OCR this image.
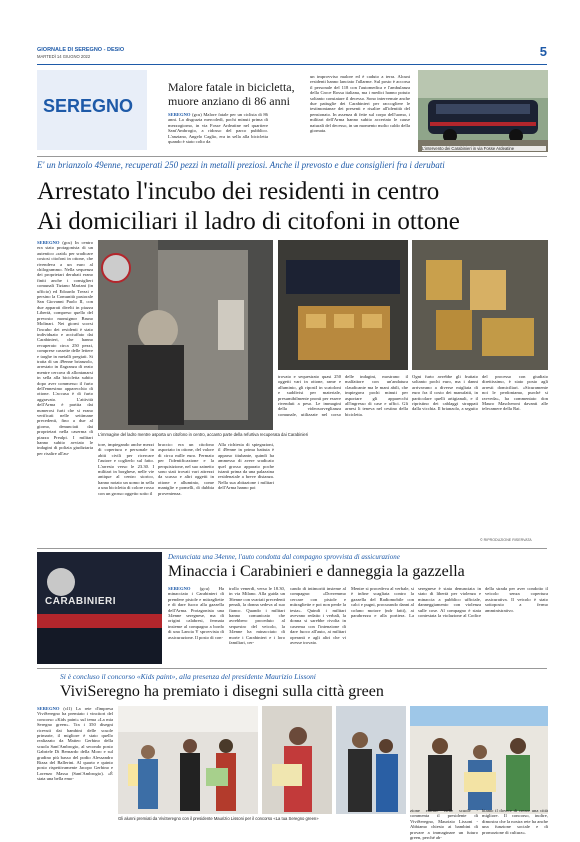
GIORNALE DI SEREGNO - DESIO
MARTEDÌ 14 GIUGNO 2022	5
SEREGNO
Malore fatale in bicicletta, muore anziano di 86 anni
SEREGNO (gcu) Malore fatale per un ciclista di 86 anni. La disgrazia mercoledì, pochi minuti prima di mezzogiorno, in via Fosse Ardeatine nel quartiere Sant'Ambrogio, a ridosso del parco pubblico. L'anziano, Angelo Caglio, era in sella alla bicicletta quando è stato colto da
un improvviso malore ed è caduto a terra. Alcuni residenti hanno lanciato l'allarme. Sul posto è accorsa il personale del 118 con l'automedica e l'ambulanza della Croce Rossa italiana, ma i medici hanno potuto soltanto constatare il decesso. Sono intervenute anche due pattuglie dei Carabinieri per raccogliere le testimonianze dei presenti e risalire all'identità del pensionato. In assenza di fette sul corpo dell'uomo, i militari dell'Arma hanno subito accertato le cause naturali del decesso, in un momento molto caldo della giornata.
L'intervento dei Carabinieri in via Fosse Ardeatine
E' un brianzolo 49enne, recuperati 250 pezzi in metalli preziosi. Anche il prevosto e due consiglieri fra i derubati
Arrestato l'incubo dei residenti in centro
Ai domiciliari il ladro di citofoni in ottone
SEREGNO (gcu) In centro era stato protagonista di un autentico «raid» per sradicare costosi citofoni in ottone, che rivendeva a un euro al chilogrammo. Nella sequenza dei proprietari derubati erano finiti anche i consiglieri comunali Tiziano Mariani (in ufficio) ed Edoardo Trezzi e persino la Comunità pastorale San Giovanni Paolo II, con due apparati divelti in piazza Libertà, compreso quello del prevosto monsignor Bruno Molinari. Nei giorni scorsi l'incubo dei residenti è stato individuato e acciuffato dai Carabinieri, che hanno recuperato circa 250 pezzi, comprese cassette delle lettere e targhe in metalli pregiati. Si tratta di un 49enne brianzolo, arrestato in flagranza di reato mentre cercava di allontanarsi in sella alla bicicletta subito dopo aver commesso il furto dell'ennesimo apparecchio di ottone. L'accusa è di furto aggravato. L'attività dell'Arma è partita dai numerosi furti che si erano verificati nelle settimane precedenti, fino a due al giorno, denunciati dai proprietari nella caserma di piazza Prealpi. I militari hanno subito avviato le indagini di polizia giudiziaria per risalire all'au-
L'immagine del ladro mentre asporta un citofono in centro, accanto parte della refurtiva recuperata dai Carabinieri
tore, impiegando anche mezzi di copertura e personale in abiti civili per ricercare l'autore e coglierlo sul fatto. L'arresto verso le 23.30. I militari in borghese, nelle vie antique al centro storico, hanno notato un uomo in sella a una bicicletta di colore rosso con un grosso oggetto sotto il
braccio: era un citofono asportato in ottone, del valore di circa mille euro. Fermato per l'identificazione e la perquisizione, nel suo zainetto sono stati trovati vari attrezzi da scasso e altri oggetti in ottone e alluminio, come maniglie e pomelli, di dubbia provenienza.
Alla richiesta di spiegazioni, il 49enne in prima battuta è apparso titubante, quindi ha ammesso di avere sradicato quel grosso apparato poche istanti prima da una palazzina residenziale a breve distanza. Nella sua abitazione i militari dell'Arma hanno poi
trovato e sequestrato quasi 250 oggetti vari in ottone, rame e alluminio, gli ripostI in scatoloni e suddivisi per materiale, presumibilmente pronti per essere rivenduti a peso. Le immagini della videosorveglianza comunale, utilizzate nel corso delle indagini, mostrano il malfattore con un'andatura claudicante ma le mani abili, che impiegava pochi minuti per asportare gli apparecchi all'ingresso di case e uffici. Gli arnesi li teneva nel cestino della bicicletta.
Ogni furto avrebbe gli fruttato soltanto pochi euro, ma i danni arrivavano a diverse migliaia di euro fra il costo dei manufatti, in particolare quelli artigianali, e il ripristino dei cablaggi strappati dalla vicchia. Il brianzolo, a seguito del processo con giudizio direttissimo, è stato posto agli arresti domiciliari. «Sicuramente noi le perdoniamo, purché si ravveda», ha commentato don Mauro Mascheroni davanti alle telecamere della Rai.
© RIPRODUZIONE RISERVATA
CARABINIERI
Denunciata una 34enne, l'auto condotta dal compagno sprovvista di assicurazione
Minaccia i Carabinieri e danneggia la gazzella
SEREGNO (gcu) Ha minacciato i Carabinieri di prendere pistole e mitragliette e di dare fuoco alla gazzella dell'Arma. Protagonista una 34enne seregnese, ma di origini calabresi, fermata insieme al compagno a bordo di una Lancia Y sprovvista di assicurazione. Il posto di con-
trollo venerdì, verso le 18.30, in via Milano. Alla guida un 36enne con svariati precedenti penali, la donna sedeva al suo fianco. Quando i militari hanno comunicato che avrebbero proceduto al sequestro del veicolo, la 34enne ha minacciato di morte i Carabinieri e i loro familiari, cer-
cando di intimoriti insieme al compagno: «Dovremmo cercare con pistole e mitragliette e poi non perde la testa». Quindi i militari avevano redatto i verbali, la donna si sarebbe rivolta in caserma con l'intenzione di dare fuoco all'auto, ai militari operanti e agli altri che vi avesse trovato.
Mentre si procedeva al verbale, si è infine scagliata contro la gazzella del Radiomobile con calci e pugni, procurando danni al cofano motore (ndr fatti), ai parabrezza e alla portiera. La seregnese è stata denunciata in stato di libertà per violenza e minaccia a pubblico ufficiale, danneggiamento con violenza sulle cose. Al compagno è stata contestata la violazione al Codice della strada per aver condotto il veicolo senza copertura assicurativa. Il veicolo è stato sottoposto a fermo amministrativo.
Si è concluso il concorso «Kids paint», alla presenza del presidente Maurizio Lissoni
ViviSeregno ha premiato i disegni sulla città green
SEREGNO (cl1) La rete d'impresa ViviSeregno ha premiato i vincitori del concorso «Kids paint» sul tema «La mia Seregno green». Tra i 350 disegni ricevuti dai bambini delle scuole primarie, il migliore è stato quello realizzato da Matteo Gerbino della scuola Sant'Ambrogio, al secondo posto Gabriele Di Bernardo della Moro e sul gradino più basso del podio Alessandro Rizza del Ballerini. Al quarto e quinto posto rispettivamente Jacopo Gerbino e Lorenzo Massa (Sant'Ambrogio). «È stata una bella emo-
Gli alunni premiati da ViviSeregno con il presidente Maurizio Lissoni per il concorso «La tua Seregno green»
zione entrare nelle scuole - commenta il presidente di ViviSeregno, Maurizio Lissoni - Abbiamo chiesto ai bambini di provare a immaginare un futuro green, perché ab-
biamo il dovere di creare una città migliore. Il concorso, inoltre, dimostra che la nostra rete ha anche una funzione sociale e di promozione di cultura».
